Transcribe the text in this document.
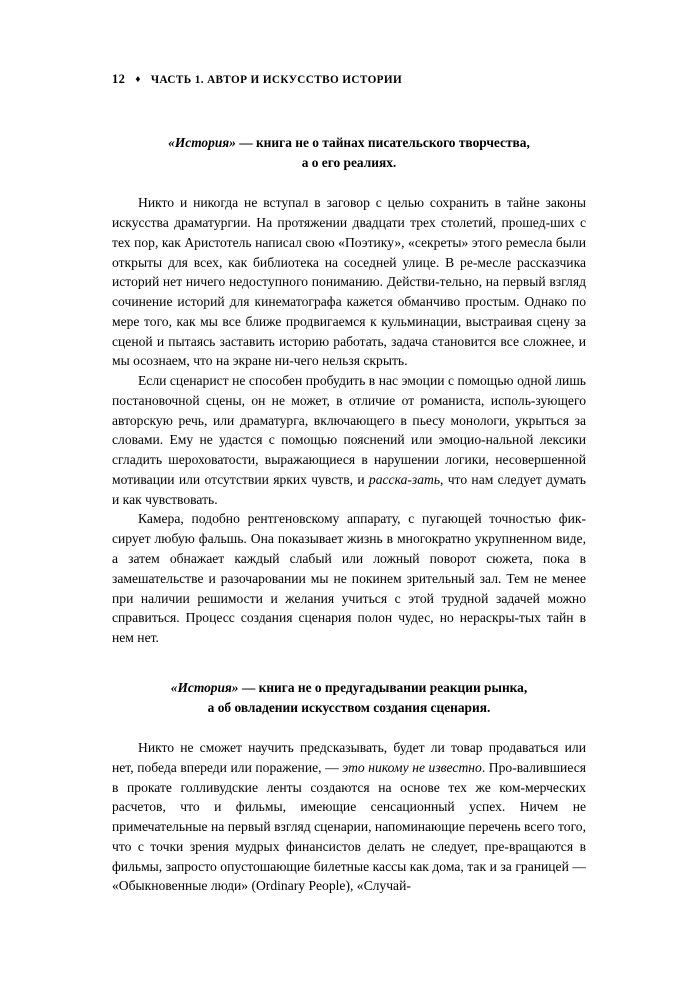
12 ♦ ЧАСТЬ 1. АВТОР И ИСКУССТВО ИСТОРИИ
«История» — книга не о тайнах писательского творчества,
а о его реалиях.

Никто и никогда не вступал в заговор с целью сохранить в тайне законы искусства драматургии. На протяжении двадцати трех столетий, прошед-ших с тех пор, как Аристотель написал свою «Поэтику», «секреты» этого ремесла были открыты для всех, как библиотека на соседней улице. В ре-месле рассказчика историй нет ничего недоступного пониманию. Действи-тельно, на первый взгляд сочинение историй для кинематографа кажется обманчиво простым. Однако по мере того, как мы все ближе продвигаемся к кульминации, выстраивая сцену за сценой и пытаясь заставить историю работать, задача становится все сложнее, и мы осознаем, что на экране ни-чего нельзя скрыть.

Если сценарист не способен пробудить в нас эмоции с помощью одной лишь постановочной сцены, он не может, в отличие от романиста, исполь-зующего авторскую речь, или драматурга, включающего в пьесу монологи, укрыться за словами. Ему не удастся с помощью пояснений или эмоцио-нальной лексики сгладить шероховатости, выражающиеся в нарушении логики, несовершенной мотивации или отсутствии ярких чувств, и расска-зать, что нам следует думать и как чувствовать.

Камера, подобно рентгеновскому аппарату, с пугающей точностью фик-сирует любую фальшь. Она показывает жизнь в многократно укрупненном виде, а затем обнажает каждый слабый или ложный поворот сюжета, пока в замешательстве и разочаровании мы не покинем зрительный зал. Тем не менее при наличии решимости и желания учиться с этой трудной задачей можно справиться. Процесс создания сценария полон чудес, но нераскры-тых тайн в нем нет.

«История» — книга не о предугадывании реакции рынка,
а об овладении искусством создания сценария.

Никто не сможет научить предсказывать, будет ли товар продаваться или нет, победа впереди или поражение, — это никому не известно. Про-валившиеся в прокате голливудские ленты создаются на основе тех же ком-мерческих расчетов, что и фильмы, имеющие сенсационный успех. Ничем не примечательные на первый взгляд сценарии, напоминающие перечень всего того, что с точки зрения мудрых финансистов делать не следует, пре-вращаются в фильмы, запросто опустошающие билетные кассы как дома, так и за границей — «Обыкновенные люди» (Ordinary People), «Случай-
